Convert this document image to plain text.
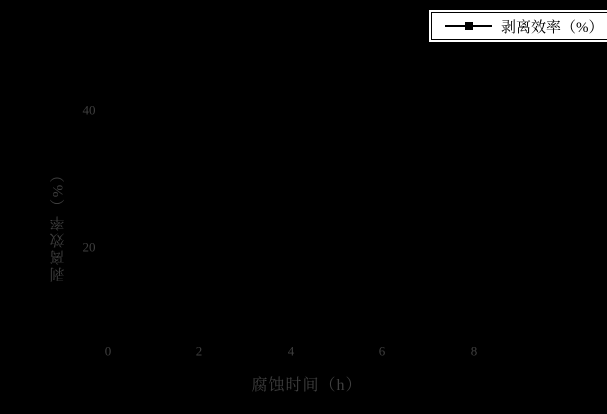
剥离效率（%）
40
20
0	2	4	6	8
腐蚀时间（h）
剥离效率（%）
